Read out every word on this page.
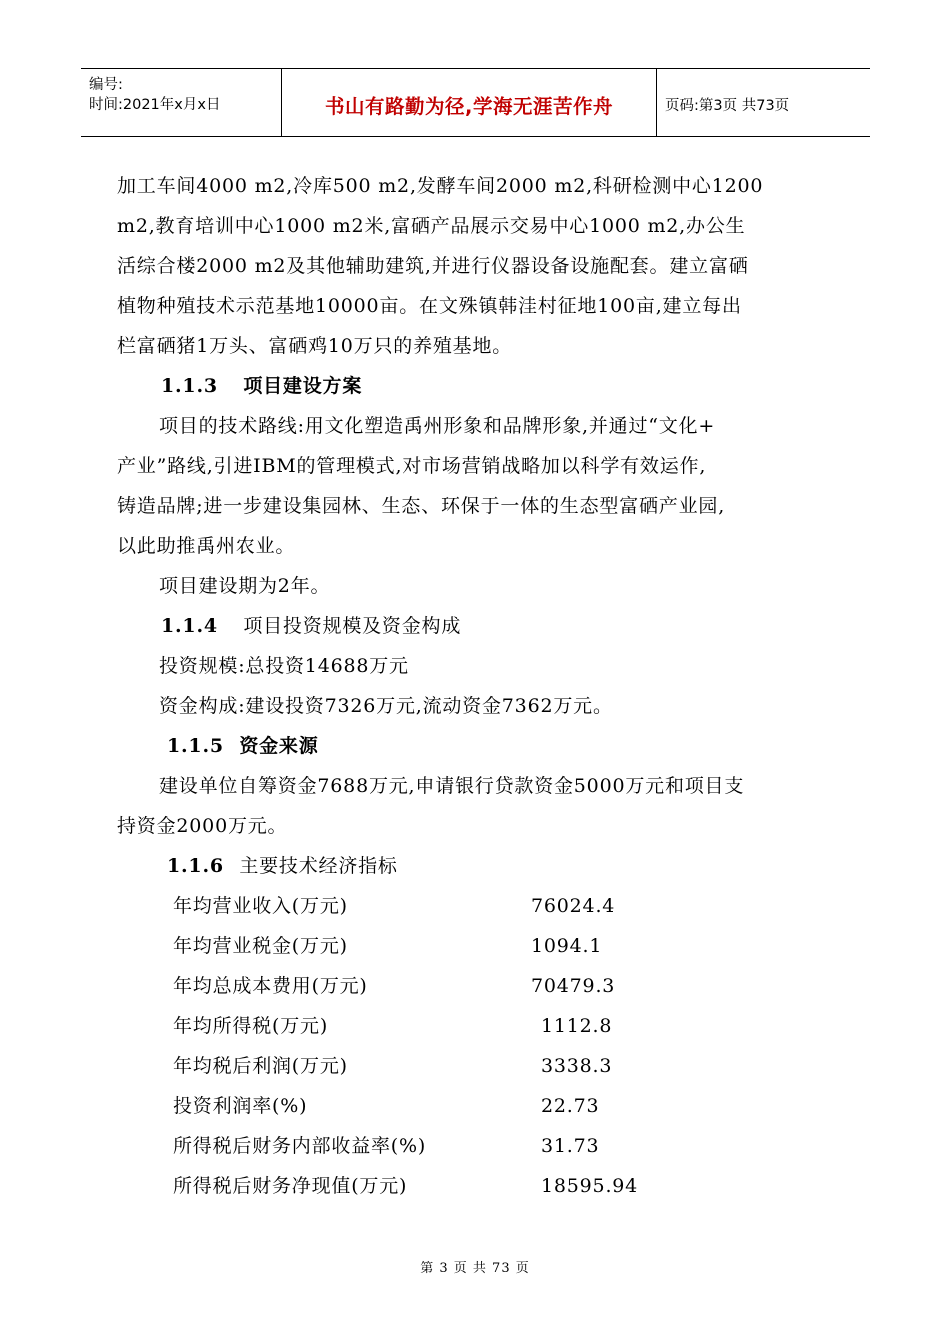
编号:
时间:2021年x月x日	书山有路勤为径,学海无涯苦作舟	页码:第3页 共73页
加工车间4000 m2,冷库500 m2,发酵车间2000 m2,科研检测中心1200
m2,教育培训中心1000 m2米,富硒产品展示交易中心1000 m2,办公生
活综合楼2000 m2及其他辅助建筑,并进行仪器设备设施配套。建立富硒
植物种殖技术示范基地10000亩。在文殊镇韩洼村征地100亩,建立每出
栏富硒猪1万头、富硒鸡10万只的养殖基地。
1.1.3 项目建设方案
项目的技术路线:用文化塑造禹州形象和品牌形象,并通过“文化+
产业”路线,引进IBM的管理模式,对市场营销战略加以科学有效运作,
铸造品牌;进一步建设集园林、生态、环保于一体的生态型富硒产业园,
以此助推禹州农业。
项目建设期为2年。
1.1.4 项目投资规模及资金构成
投资规模:总投资14688万元
资金构成:建设投资7326万元,流动资金7362万元。
1.1.5 资金来源
建设单位自筹资金7688万元,申请银行贷款资金5000万元和项目支
持资金2000万元。
1.1.6 主要技术经济指标
年均营业收入(万元)	76024.4
年均营业税金(万元)	1094.1
年均总成本费用(万元)	70479.3
年均所得税(万元)	1112.8
年均税后利润(万元)	3338.3
投资利润率(%)	22.73
所得税后财务内部收益率(%)	31.73
所得税后财务净现值(万元)	18595.94
第 3 页 共 73 页
